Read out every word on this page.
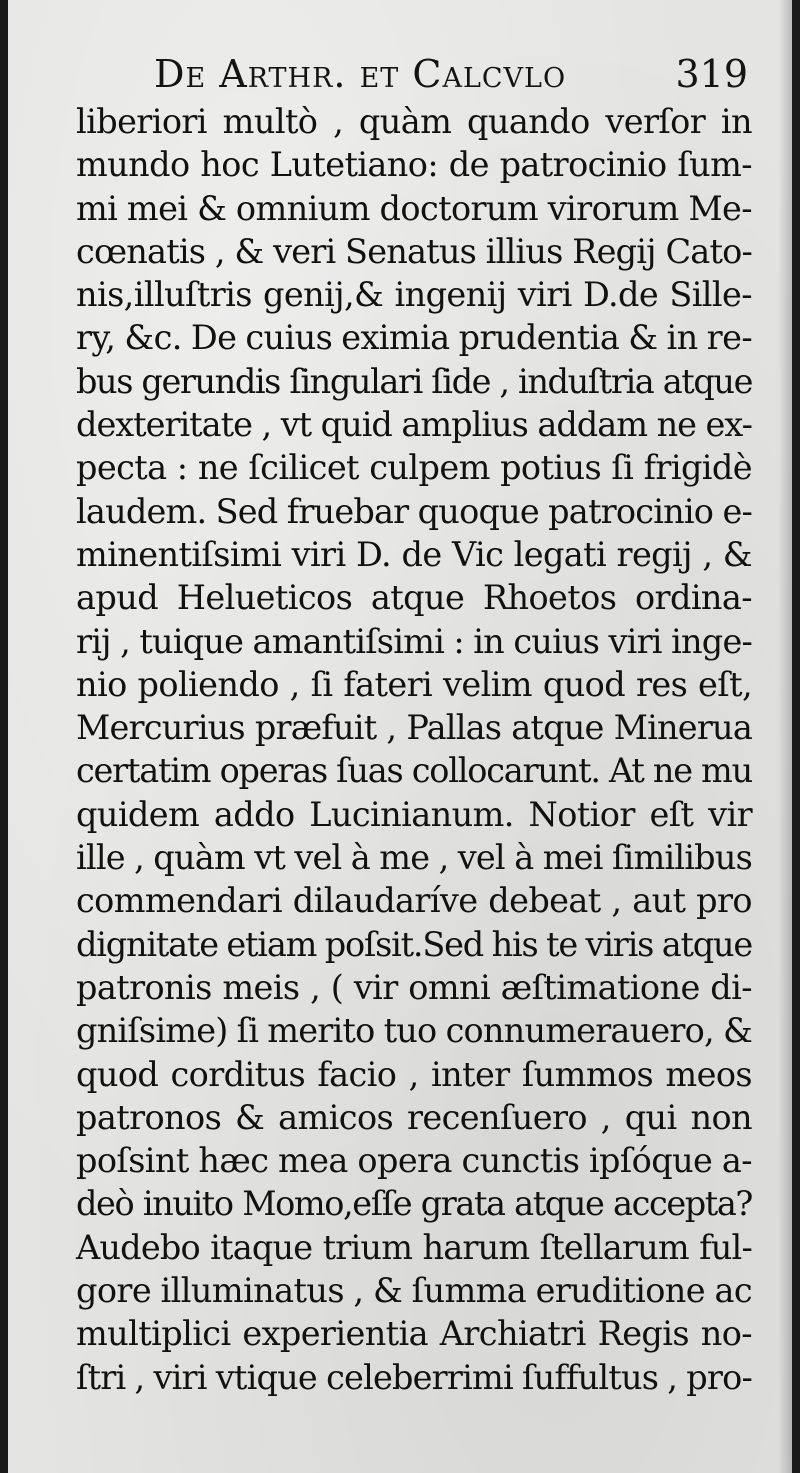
De Arthr. et Calcvlo	319
liberiori multò , quàm quando verſor in
mundo hoc Lutetiano: de patrocinio ſum-
mi mei & omnium doctorum virorum Me-
cœnatis , & veri Senatus illius Regij Cato-
nis,illuſtris genij,& ingenij viri D.de Sille-
ry, &c. De cuius eximia prudentia & in re-
bus gerundis ſingulari ſide , induſtria atque
dexteritate , vt quid amplius addam ne ex-
pecta : ne ſcilicet culpem potius ſi frigidè
laudem. Sed fruebar quoque patrocinio e-
minentiſsimi viri D. de Vic legati regij , &
apud Helueticos atque Rhoetos ordina-
rij , tuique amantiſsimi : in cuius viri inge-
nio poliendo , ſi fateri velim quod res eſt,
Mercurius præfuit , Pallas atque Minerua
certatim operas ſuas collocarunt. At ne mu
quidem addo Lucinianum. Notior eſt vir
ille , quàm vt vel à me , vel à mei ſimilibus
commendari dilaudaríve debeat , aut pro
dignitate etiam poſsit.Sed his te viris atque
patronis meis , ( vir omni æſtimatione di-
gniſsime) ſi merito tuo connumerauero, &
quod corditus facio , inter ſummos meos
patronos & amicos recenſuero , qui non
poſsint hæc mea opera cunctis ipſóque a-
deò inuito Momo,eſſe grata atque accepta?
Audebo itaque trium harum ſtellarum ful-
gore illuminatus , & ſumma eruditione ac
multiplici experientia Archiatri Regis no-
ſtri , viri vtique celeberrimi ſuffultus , pro-
